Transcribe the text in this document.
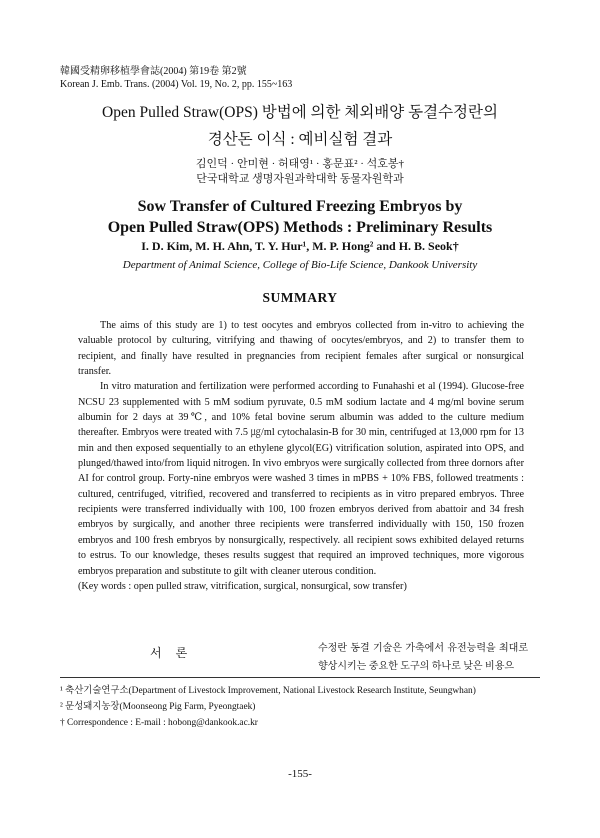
韓國受精卵移植學會誌(2004) 第19卷 第2號
Korean J. Emb. Trans. (2004) Vol. 19, No. 2, pp. 155~163
Open Pulled Straw(OPS) 방법에 의한 체외배양 동결수정란의
경산돈 이식 : 예비실험 결과
김인덕 · 안미현 · 허태영¹ · 홍문표² · 석호봉†
단국대학교 생명자원과학대학 동물자원학과
Sow Transfer of Cultured Freezing Embryos by
Open Pulled Straw(OPS) Methods : Preliminary Results
I. D. Kim, M. H. Ahn, T. Y. Hur¹, M. P. Hong² and H. B. Seok†
Department of Animal Science, College of Bio-Life Science, Dankook University
SUMMARY

The aims of this study are 1) to test oocytes and embryos collected from in-vitro to achieving the valuable protocol by culturing, vitrifying and thawing of oocytes/embryos, and 2) to transfer them to recipient, and finally have resulted in pregnancies from recipient females after surgical or nonsurgical transfer.

In vitro maturation and fertilization were performed according to Funahashi et al (1994). Glucose-free NCSU 23 supplemented with 5 mM sodium pyruvate, 0.5 mM sodium lactate and 4 mg/ml bovine serum albumin for 2 days at 39℃, and 10% fetal bovine serum albumin was added to the culture medium thereafter. Embryos were treated with 7.5 ㎍/ml cytochalasin-B for 30 min, centrifuged at 13,000 rpm for 13 min and then exposed sequentially to an ethylene glycol(EG) vitrification solution, aspirated into OPS, and plunged/thawed into/from liquid nitrogen. In vivo embryos were surgically collected from three dornors after AI for control group. Forty-nine embryos were washed 3 times in mPBS + 10% FBS, followed treatments : cultured, centrifuged, vitrified, recovered and transferred to recipients as in vitro prepared embryos. Three recipients were transferred individually with 100, 100 frozen embryos derived from abattoir and 34 fresh embryos by surgically, and another three recipients were transferred individually with 150, 150 frozen embryos and 100 fresh embryos by nonsurgically, respectively. all recipient sows exhibited delayed returns to estrus. To our knowledge, theses results suggest that required an improved techniques, more vigorous embryos preparation and substitute to gilt with cleaner uterous condition.

(Key words : open pulled straw, vitrification, surgical, nonsurgical, sow transfer)

서론	수정란 동결 기술은 가축에서 유전능력을 최대로 향상시키는 중요한 도구의 하나로 낮은 비용으
¹ 축산기술연구소(Department of Livestock Improvement, National Livestock Research Institute, Seungwhan)
² 문성돼지농장(Moonseong Pig Farm, Pyeongtaek)
† Correspondence : E-mail : hobong@dankook.ac.kr
-155-
